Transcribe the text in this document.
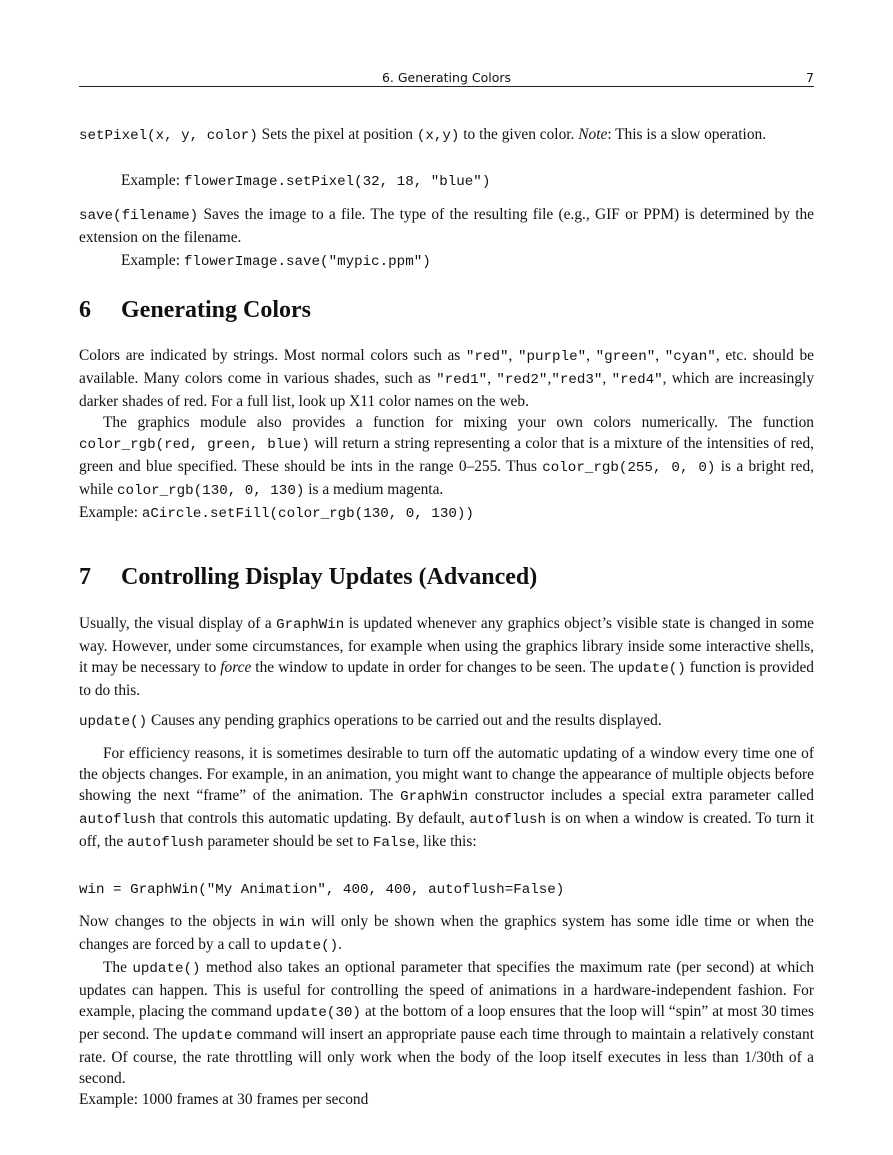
6. Generating Colors	7

setPixel(x, y, color) Sets the pixel at position (x,y) to the given color. Note: This is a slow operation.

Example: flowerImage.setPixel(32, 18, "blue")

save(filename) Saves the image to a file. The type of the resulting file (e.g., GIF or PPM) is determined by the extension on the filename.

Example: flowerImage.save("mypic.ppm")
6 Generating Colors

Colors are indicated by strings. Most normal colors such as "red", "purple", "green", "cyan", etc. should be available. Many colors come in various shades, such as "red1", "red2","red3", "red4", which are increasingly darker shades of red. For a full list, look up X11 color names on the web.

The graphics module also provides a function for mixing your own colors numerically. The function color_rgb(red, green, blue) will return a string representing a color that is a mixture of the intensities of red, green and blue specified. These should be ints in the range 0–255. Thus color_rgb(255, 0, 0) is a bright red, while color_rgb(130, 0, 130) is a medium magenta.

Example: aCircle.setFill(color_rgb(130, 0, 130))

7 Controlling Display Updates (Advanced)

Usually, the visual display of a GraphWin is updated whenever any graphics object’s visible state is changed in some way. However, under some circumstances, for example when using the graphics library inside some interactive shells, it may be necessary to force the window to update in order for changes to be seen. The update() function is provided to do this.

update() Causes any pending graphics operations to be carried out and the results displayed.

For efficiency reasons, it is sometimes desirable to turn off the automatic updating of a window every time one of the objects changes. For example, in an animation, you might want to change the appearance of multiple objects before showing the next “frame” of the animation. The GraphWin constructor includes a special extra parameter called autoflush that controls this automatic updating. By default, autoflush is on when a window is created. To turn it off, the autoflush parameter should be set to False, like this:

win = GraphWin("My Animation", 400, 400, autoflush=False)

Now changes to the objects in win will only be shown when the graphics system has some idle time or when the changes are forced by a call to update().

The update() method also takes an optional parameter that specifies the maximum rate (per second) at which updates can happen. This is useful for controlling the speed of animations in a hardware-independent fashion. For example, placing the command update(30) at the bottom of a loop ensures that the loop will “spin” at most 30 times per second. The update command will insert an appropriate pause each time through to maintain a relatively constant rate. Of course, the rate throttling will only work when the body of the loop itself executes in less than 1/30th of a second.

Example: 1000 frames at 30 frames per second
